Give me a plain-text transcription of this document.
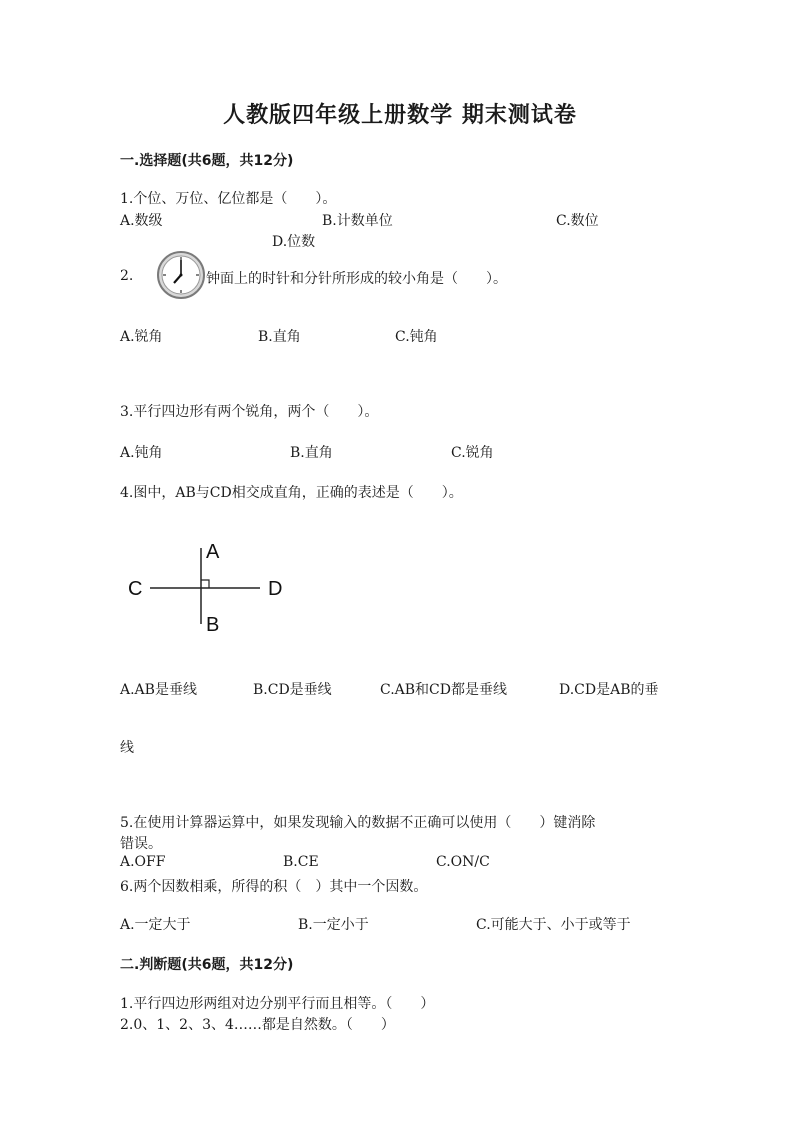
人教版四年级上册数学 期末测试卷
一.选择题(共6题，共12分)
1.个位、万位、亿位都是（　　）。
A.数级	B.计数单位	C.数位
D.位数
2.	钟面上的时针和分针所形成的较小角是（　　）。
A.锐角	B.直角	C.钝角
3.平行四边形有两个锐角，两个（　　）。
A.钝角	B.直角	C.锐角
4.图中，AB与CD相交成直角，正确的表述是（　　）。
A
B
C	D
A.AB是垂线	B.CD是垂线	C.AB和CD都是垂线	D.CD是AB的垂
线
5.在使用计算器运算中，如果发现输入的数据不正确可以使用（　　）键消除
错误。
A.OFF	B.CE	C.ON/C
6.两个因数相乘，所得的积（　）其中一个因数。
A.一定大于	B.一定小于	C.可能大于、小于或等于
二.判断题(共6题，共12分)
1.平行四边形两组对边分别平行而且相等。（　　）
2.0、1、2、3、4……都是自然数。（　　）
